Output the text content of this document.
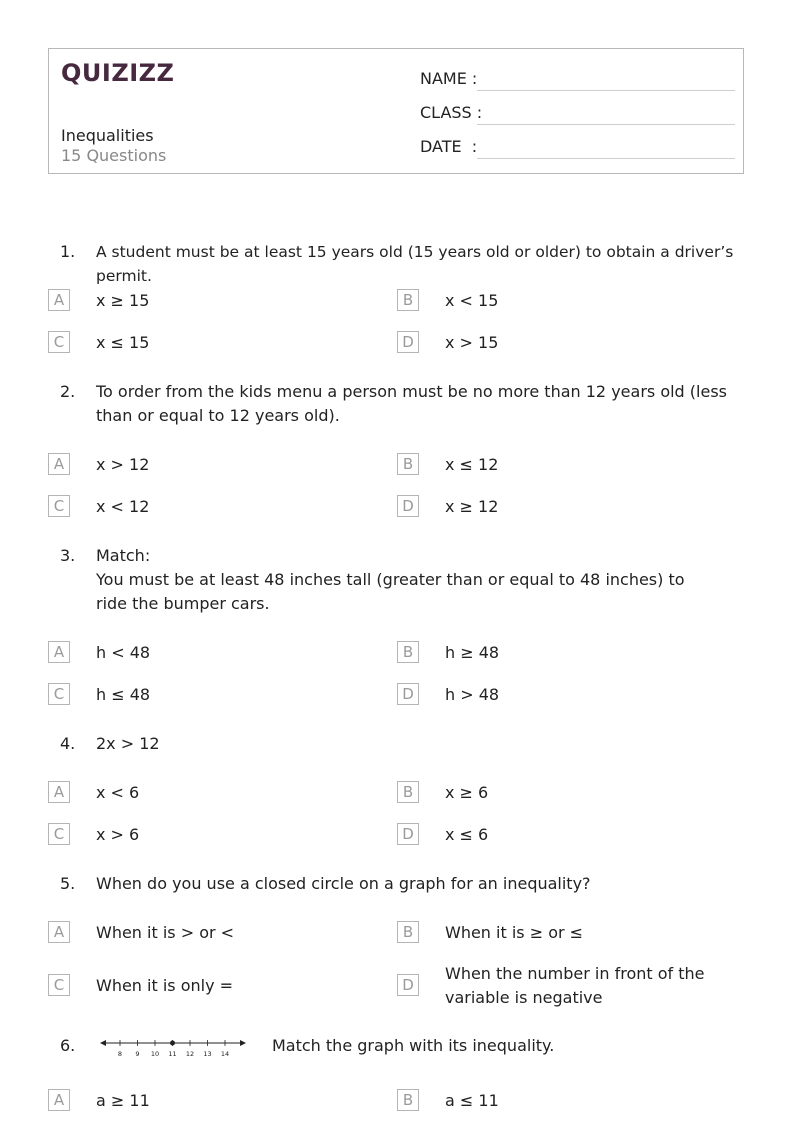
QUIZIZZ
Inequalities
15 Questions
NAME :
CLASS :
DATE  :
1. A student must be at least 15 years old (15 years old or older) to obtain a driver’s permit.
A	x ≥ 15	B	x < 15
C	x ≤ 15	D	x > 15
2. To order from the kids menu a person must be no more than 12 years old (less than or equal to 12 years old).
A	x > 12	B	x ≤ 12
C	x < 12	D	x ≥ 12
3. Match:
You must be at least 48 inches tall (greater than or equal to 48 inches) to ride the bumper cars.
A	h < 48	B	h ≥ 48
C	h ≤ 48	D	h > 48
4. 2x > 12
A	x < 6	B	x ≥ 6
C	x > 6	D	x ≤ 6
5. When do you use a closed circle on a graph for an inequality?
A	When it is > or <	B	When it is ≥ or ≤
C	When it is only =	D
When the number in front of the variable is negative
6.	8 9 10 11 12 13 14	Match the graph with its inequality.
A	a ≥ 11	B	a ≤ 11
